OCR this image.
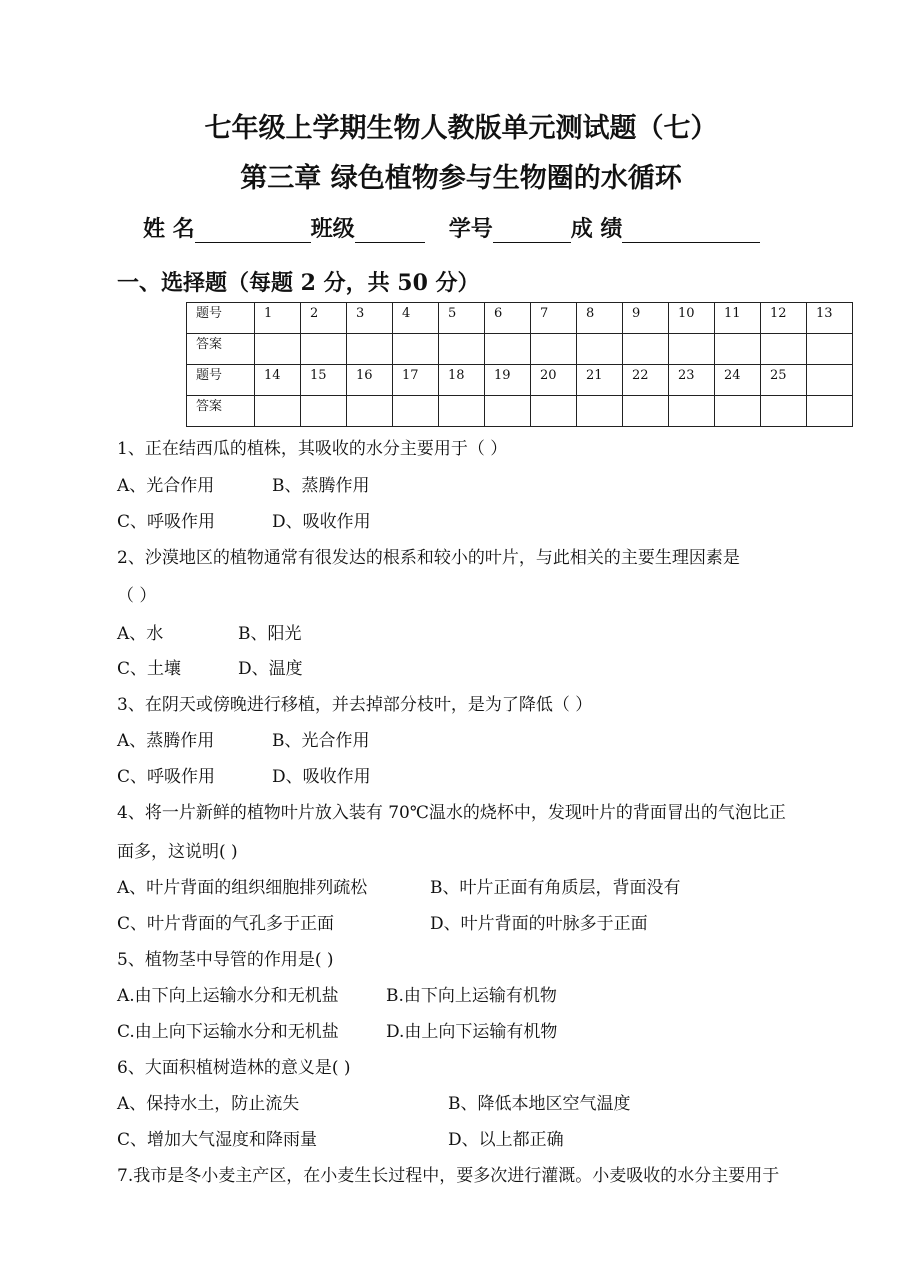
七年级上学期生物人教版单元测试题（七）
第三章 绿色植物参与生物圈的水循环
姓 名	班级	学号	成 绩
一、选择题（每题 2 分，共 50 分）
题号	1	2	3	4	5	6	7	8	9	10	11	12	13
答案													
题号	14	15	16	17	18	19	20	21	22	23	24	25	
答案													

1、正在结西瓜的植株，其吸收的水分主要用于（ ）

A、光合作用	B、蒸腾作用
C、呼吸作用	D、吸收作用

2、沙漠地区的植物通常有很发达的根系和较小的叶片，与此相关的主要生理因素是

（ ）

A、水	B、阳光
C、土壤	D、温度

3、在阴天或傍晚进行移植，并去掉部分枝叶，是为了降低（ ）

A、蒸腾作用	B、光合作用
C、呼吸作用	D、吸收作用

4、将一片新鲜的植物叶片放入装有 70℃温水的烧杯中，发现叶片的背面冒出的气泡比正

面多，这说明( )

A、叶片背面的组织细胞排列疏松	B、叶片正面有角质层，背面没有
C、叶片背面的气孔多于正面	D、叶片背面的叶脉多于正面

5、植物茎中导管的作用是( )

A.由下向上运输水分和无机盐	B.由下向上运输有机物
C.由上向下运输水分和无机盐	D.由上向下运输有机物

6、大面积植树造林的意义是( )

A、保持水土，防止流失	B、降低本地区空气温度
C、增加大气湿度和降雨量	D、以上都正确

7.我市是冬小麦主产区，在小麦生长过程中，要多次进行灌溉。小麦吸收的水分主要用于
